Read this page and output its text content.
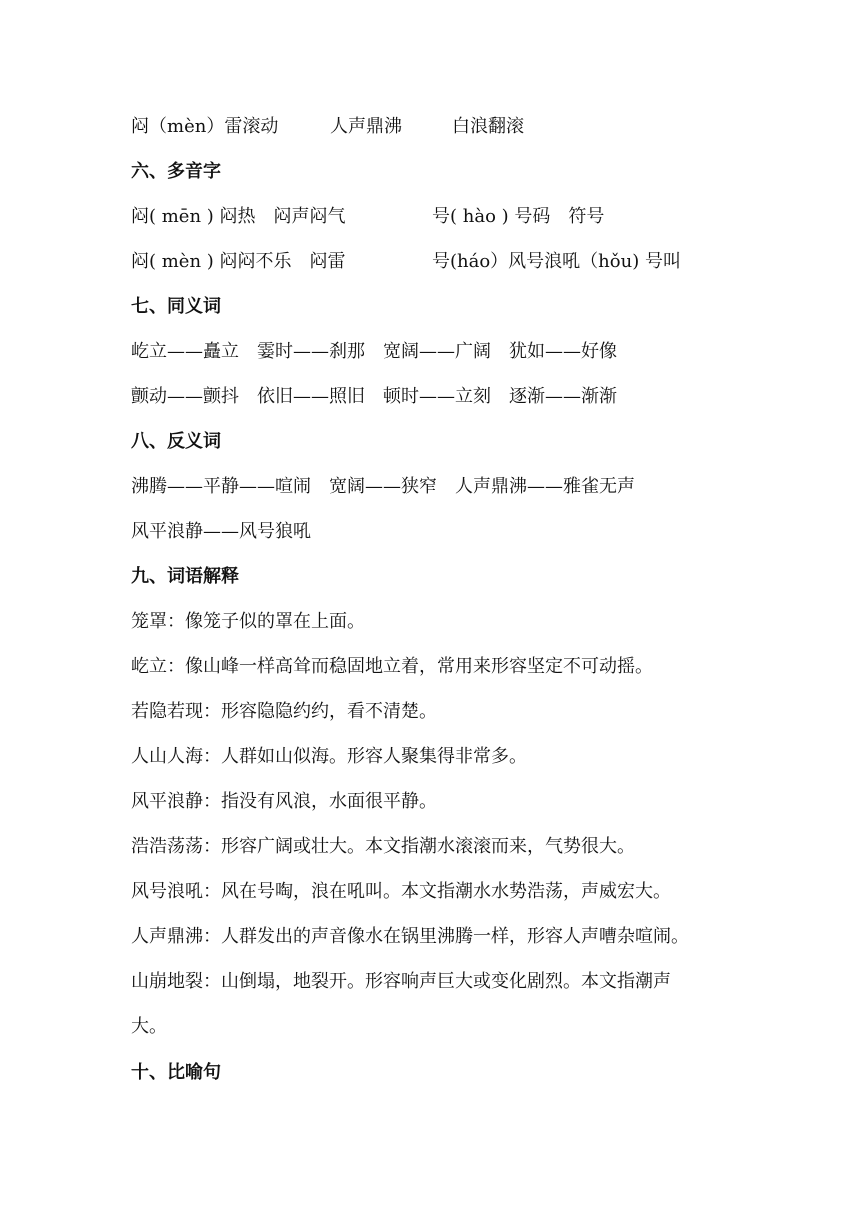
闷（mèn）雷滚动	人声鼎沸	白浪翻滚
六、多音字
闷( mēn ) 闷热　闷声闷气	号( hào ) 号码　符号
闷( mèn ) 闷闷不乐　闷雷	号(háo）风号浪吼（hǒu) 号叫
七、同义词
屹立——矗立　霎时——刹那　宽阔——广阔　犹如——好像
颤动——颤抖　依旧——照旧　顿时——立刻　逐渐——渐渐
八、反义词
沸腾——平静——喧闹　宽阔——狭窄　人声鼎沸——雅雀无声
风平浪静——风号狼吼
九、词语解释
笼罩：像笼子似的罩在上面。
屹立：像山峰一样高耸而稳固地立着，常用来形容坚定不可动摇。
若隐若现：形容隐隐约约，看不清楚。
人山人海：人群如山似海。形容人聚集得非常多。
风平浪静：指没有风浪，水面很平静。
浩浩荡荡：形容广阔或壮大。本文指潮水滚滚而来，气势很大。
风号浪吼：风在号啕，浪在吼叫。本文指潮水水势浩荡，声威宏大。
人声鼎沸：人群发出的声音像水在锅里沸腾一样，形容人声嘈杂喧闹。
山崩地裂：山倒塌，地裂开。形容响声巨大或变化剧烈。本文指潮声
大。
十、比喻句
